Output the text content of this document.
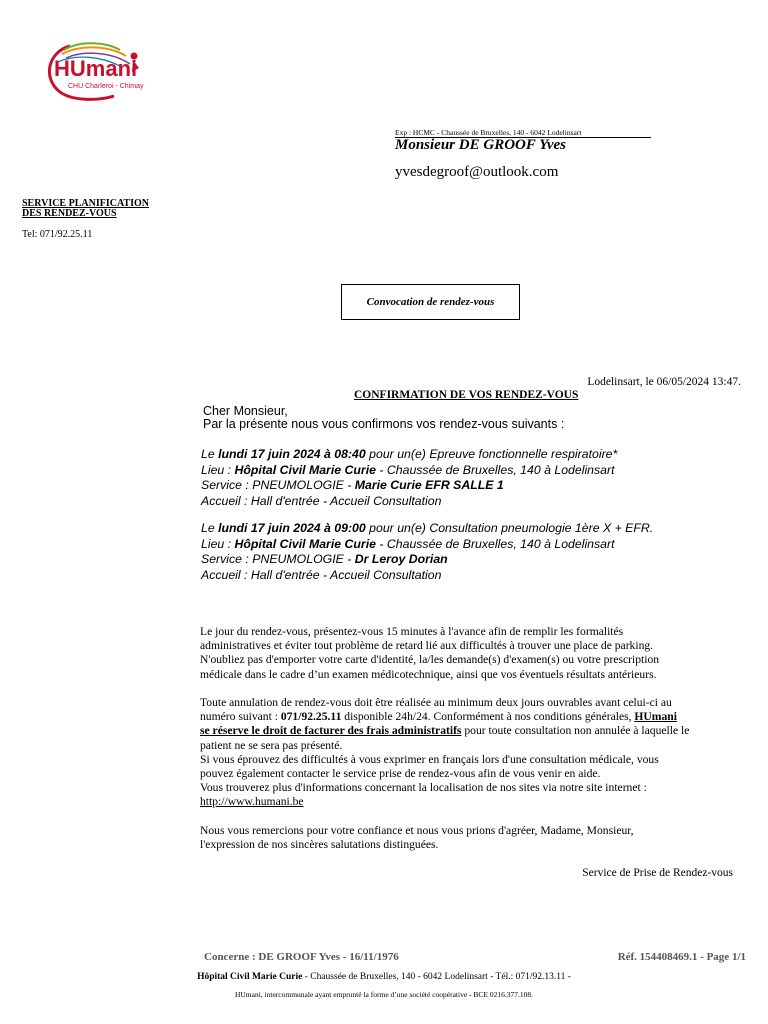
HUmani
CHU Charleroi - Chimay
Exp : HCMC - Chaussée de Bruxelles, 140 - 6042 Lodelinsart
Monsieur DE GROOF Yves
yvesdegroof@outlook.com
SERVICE PLANIFICATION
DES RENDEZ-VOUS
Tel: 071/92.25.11
Convocation de rendez-vous
Lodelinsart, le 06/05/2024 13:47.
CONFIRMATION DE VOS RENDEZ-VOUS
Cher Monsieur,
Par la présente nous vous confirmons vos rendez-vous suivants :
Le lundi 17 juin 2024 à 08:40 pour un(e) Epreuve fonctionnelle respiratoire*
Lieu : Hôpital Civil Marie Curie - Chaussée de Bruxelles, 140 à Lodelinsart
Service : PNEUMOLOGIE - Marie Curie EFR SALLE 1
Accueil : Hall d'entrée - Accueil Consultation
Le lundi 17 juin 2024 à 09:00 pour un(e) Consultation pneumologie 1ère X + EFR.
Lieu : Hôpital Civil Marie Curie - Chaussée de Bruxelles, 140 à Lodelinsart
Service : PNEUMOLOGIE - Dr Leroy Dorian
Accueil : Hall d'entrée - Accueil Consultation
Le jour du rendez-vous, présentez-vous 15 minutes à l'avance afin de remplir les formalités
administratives et éviter tout problème de retard lié aux difficultés à trouver une place de parking.
N'oubliez pas d'emporter votre carte d'identité, la/les demande(s) d'examen(s) ou votre prescription
médicale dans le cadre d’un examen médicotechnique, ainsi que vos éventuels résultats antérieurs.
Toute annulation de rendez-vous doit être réalisée au minimum deux jours ouvrables avant celui-ci au
numéro suivant : 071/92.25.11 disponible 24h/24. Conformément à nos conditions générales, HUmani
se réserve le droit de facturer des frais administratifs pour toute consultation non annulée à laquelle le
patient ne se sera pas présenté.
Si vous éprouvez des difficultés à vous exprimer en français lors d'une consultation médicale, vous
pouvez également contacter le service prise de rendez-vous afin de vous venir en aide.
Vous trouverez plus d'informations concernant la localisation de nos sites via notre site internet :
http://www.humani.be
Nous vous remercions pour votre confiance et nous vous prions d'agréer, Madame, Monsieur,
l'expression de nos sincères salutations distinguées.
Service de Prise de Rendez-vous
Concerne : DE GROOF Yves - 16/11/1976	Réf. 154408469.1 - Page 1/1
Hôpital Civil Marie Curie - Chaussée de Bruxelles, 140 - 6042 Lodelinsart - Tél.: 071/92.13.11 -
HUmani, intercommunale ayant emprunté la forme d’une société coopérative - BCE 0216.377.108.
